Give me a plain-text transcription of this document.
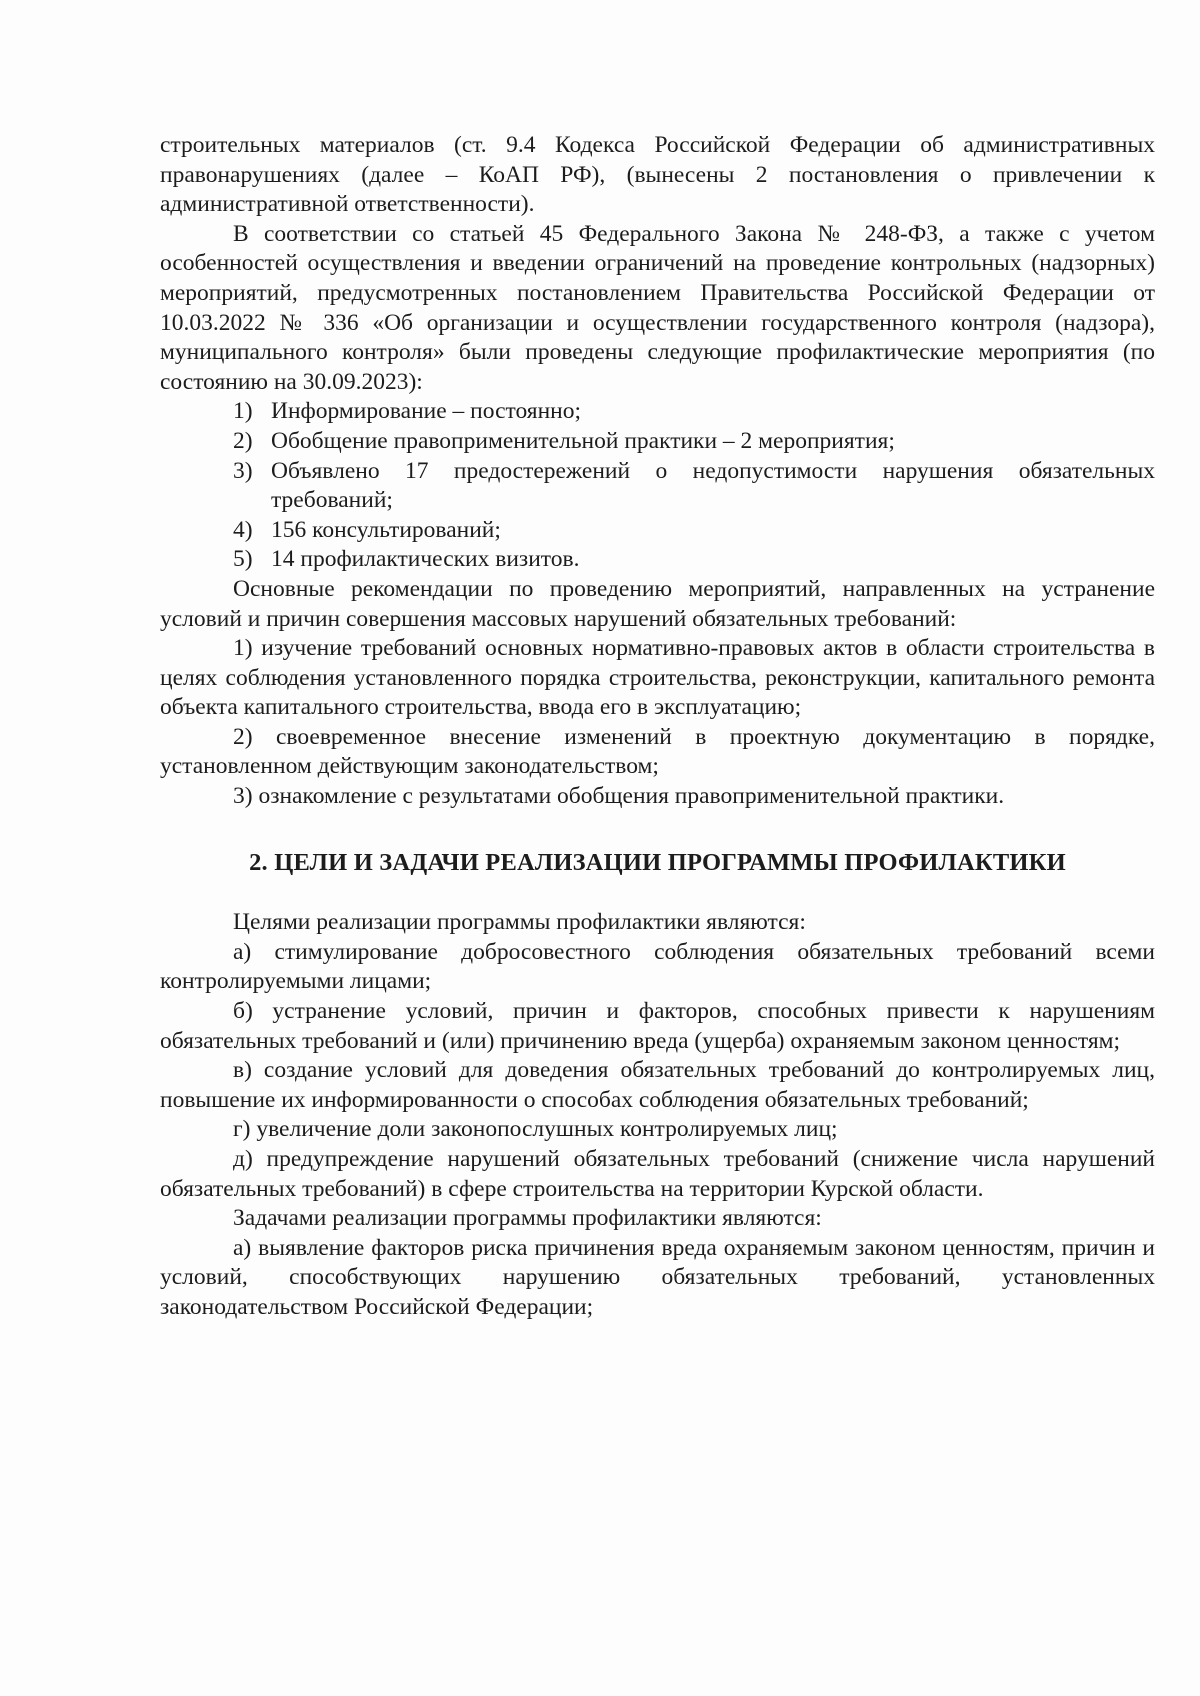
строительных материалов (ст. 9.4 Кодекса Российской Федерации об административных правонарушениях (далее – КоАП РФ), (вынесены 2 постановления о привлечении к административной ответственности).

В соответствии со статьей 45 Федерального Закона № 248-ФЗ, а также с учетом особенностей осуществления и введении ограничений на проведение контрольных (надзорных) мероприятий, предусмотренных постановлением Правительства Российской Федерации от 10.03.2022 № 336 «Об организации и осуществлении государственного контроля (надзора), муниципального контроля» были проведены следующие профилактические мероприятия (по состоянию на 30.09.2023):

1) Информирование – постоянно;
2) Обобщение правоприменительной практики – 2 мероприятия;
3) Объявлено 17 предостережений о недопустимости нарушения обязательных требований;
4) 156 консультирований;
5) 14 профилактических визитов.

Основные рекомендации по проведению мероприятий, направленных на устранение условий и причин совершения массовых нарушений обязательных требований:

1) изучение требований основных нормативно-правовых актов в области строительства в целях соблюдения установленного порядка строительства, реконструкции, капитального ремонта объекта капитального строительства, ввода его в эксплуатацию;

2) своевременное внесение изменений в проектную документацию в порядке, установленном действующим законодательством;

3) ознакомление с результатами обобщения правоприменительной практики.

2. ЦЕЛИ И ЗАДАЧИ РЕАЛИЗАЦИИ ПРОГРАММЫ ПРОФИЛАКТИКИ

Целями реализации программы профилактики являются:

а) стимулирование добросовестного соблюдения обязательных требований всеми контролируемыми лицами;

б) устранение условий, причин и факторов, способных привести к нарушениям обязательных требований и (или) причинению вреда (ущерба) охраняемым законом ценностям;

в) создание условий для доведения обязательных требований до контролируемых лиц, повышение их информированности о способах соблюдения обязательных требований;

г) увеличение доли законопослушных контролируемых лиц;

д) предупреждение нарушений обязательных требований (снижение числа нарушений обязательных требований) в сфере строительства на территории Курской области.

Задачами реализации программы профилактики являются:

а) выявление факторов риска причинения вреда охраняемым законом ценностям, причин и условий, способствующих нарушению обязательных требований, установленных законодательством Российской Федерации;
